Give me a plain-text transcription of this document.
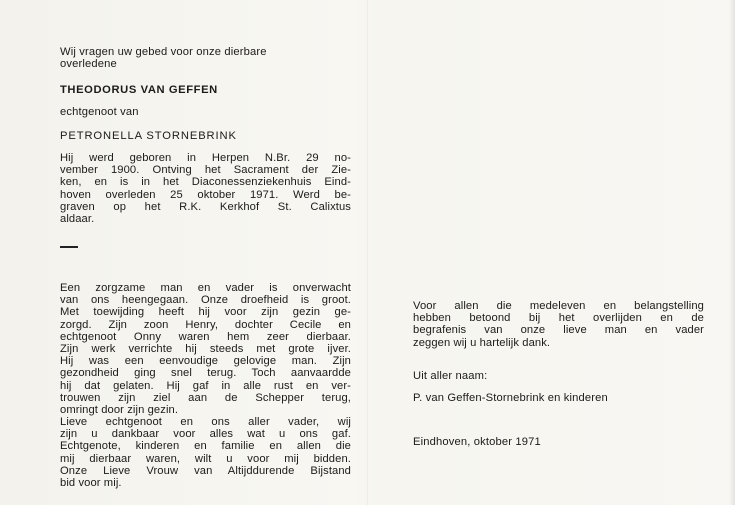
Wij vragen uw gebed voor onze dierbare
overledene
THEODORUS VAN GEFFEN
echtgenoot van
PETRONELLA STORNEBRINK
Hij werd geboren in Herpen N.Br. 29 no-
vember 1900. Ontving het Sacrament der Zie-
ken, en is in het Diaconessenziekenhuis Eind-
hoven overleden 25 oktober 1971. Werd be-
graven op het R.K. Kerkhof St. Calixtus
aldaar.
Een zorgzame man en vader is onverwacht
van ons heengegaan. Onze droefheid is groot.
Met toewijding heeft hij voor zijn gezin ge-
zorgd. Zijn zoon Henry, dochter Cecile en
echtgenoot Onny waren hem zeer dierbaar.
Zijn werk verrichte hij steeds met grote ijver.
Hij was een eenvoudige gelovige man. Zijn
gezondheid ging snel terug. Toch aanvaardde
hij dat gelaten. Hij gaf in alle rust en ver-
trouwen zijn ziel aan de Schepper terug,
omringt door zijn gezin.
Lieve echtgenoot en ons aller vader, wij
zijn u dankbaar voor alles wat u ons gaf.
Echtgenote, kinderen en familie en allen die
mij dierbaar waren, wilt u voor mij bidden.
Onze Lieve Vrouw van Altijddurende Bijstand
bid voor mij.
Voor allen die medeleven en belangstelling
hebben betoond bij het overlijden en de
begrafenis van onze lieve man en vader
zeggen wij u hartelijk dank.
Uit aller naam:
P. van Geffen-Stornebrink en kinderen
Eindhoven, oktober 1971
